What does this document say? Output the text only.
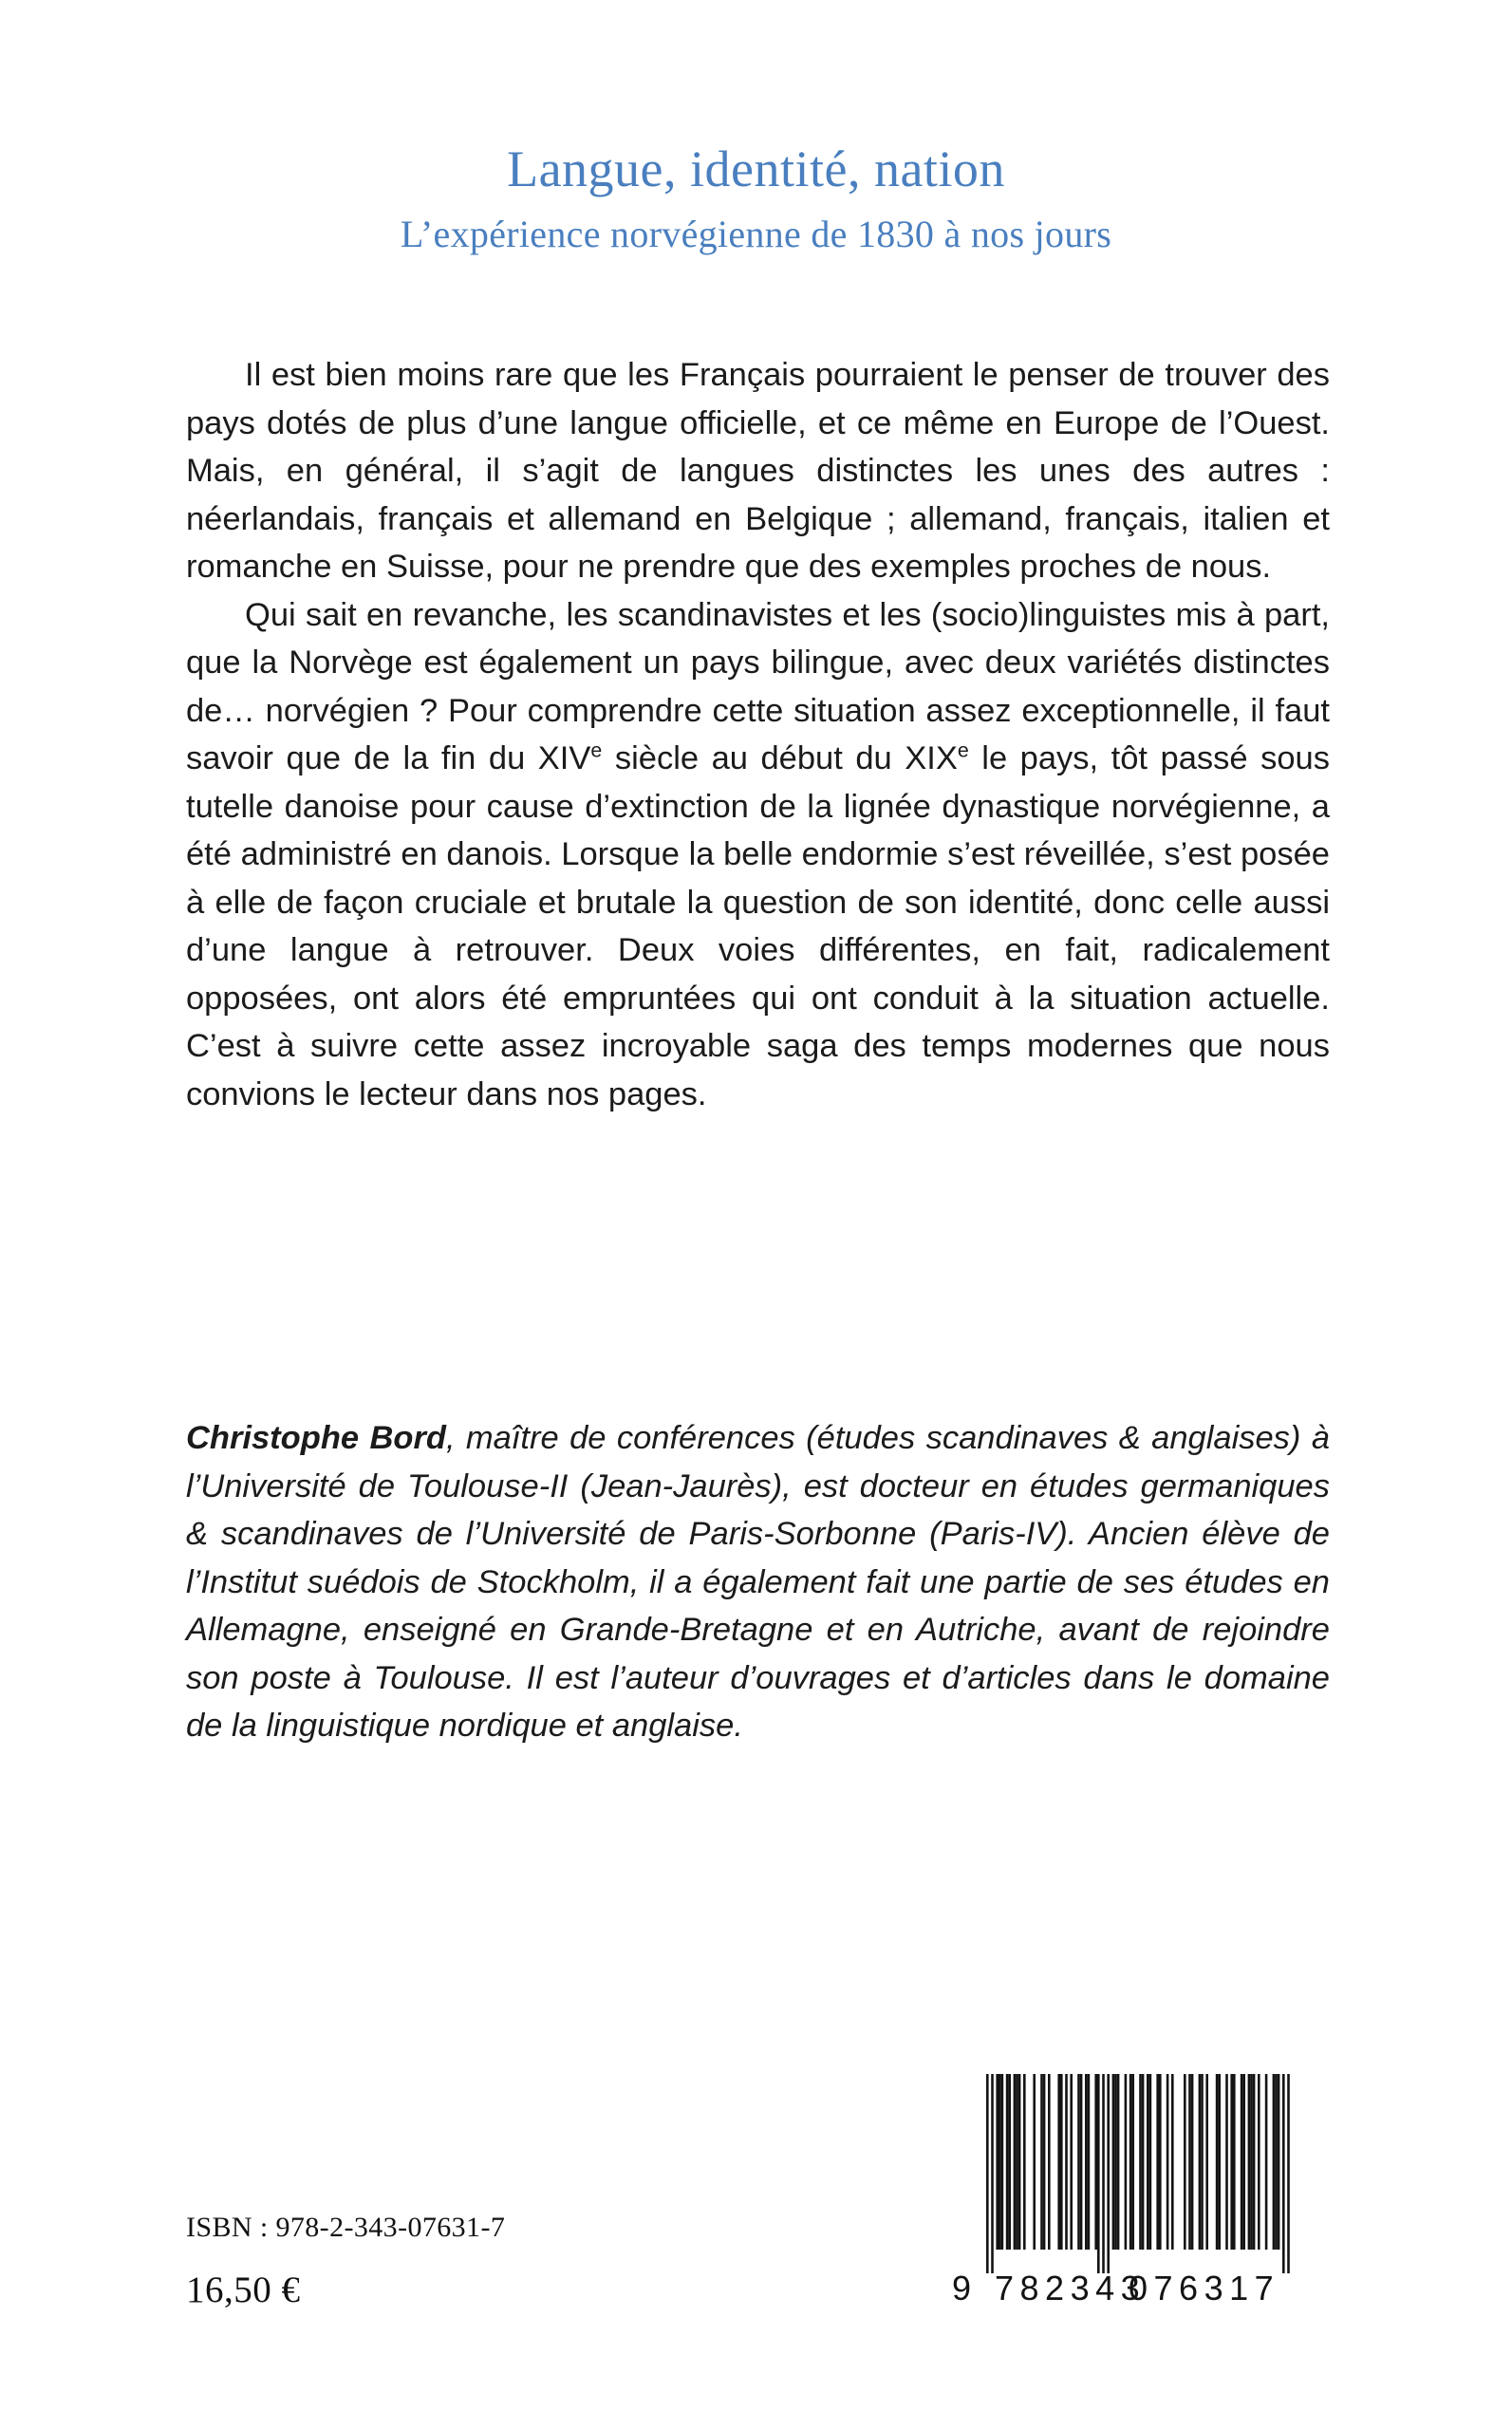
Langue, identité, nation
L’expérience norvégienne de 1830 à nos jours

Il est bien moins rare que les Français pourraient le penser de trouver des pays dotés de plus d’une langue officielle, et ce même en Europe de l’Ouest. Mais, en général, il s’agit de langues distinctes les unes des autres : néerlandais, français et allemand en Belgique ; allemand, français, italien et romanche en Suisse, pour ne prendre que des exemples proches de nous.

Qui sait en revanche, les scandinavistes et les (socio)linguistes mis à part, que la Norvège est également un pays bilingue, avec deux variétés distinctes de… norvégien ? Pour comprendre cette situation assez exceptionnelle, il faut savoir que de la fin du XIVe siècle au début du XIXe le pays, tôt passé sous tutelle danoise pour cause d’extinction de la lignée dynastique norvégienne, a été administré en danois. Lorsque la belle endormie s’est réveillée, s’est posée à elle de façon cruciale et brutale la question de son identité, donc celle aussi d’une langue à retrouver. Deux voies différentes, en fait, radicalement opposées, ont alors été empruntées qui ont conduit à la situation actuelle. C’est à suivre cette assez incroyable saga des temps modernes que nous convions le lecteur dans nos pages.

Christophe Bord, maître de conférences (études scandinaves & anglaises) à l’Université de Toulouse-II (Jean-Jaurès), est docteur en études germaniques & scandinaves de l’Université de Paris-Sorbonne (Paris-IV). Ancien élève de l’Institut suédois de Stockholm, il a également fait une partie de ses études en Allemagne, enseigné en Grande-Bretagne et en Autriche, avant de rejoindre son poste à Toulouse. Il est l’auteur d’ouvrages et d’articles dans le domaine de la linguistique nordique et anglaise.

ISBN : 978-2-343-07631-7
16,50 €	9 782343
076317
